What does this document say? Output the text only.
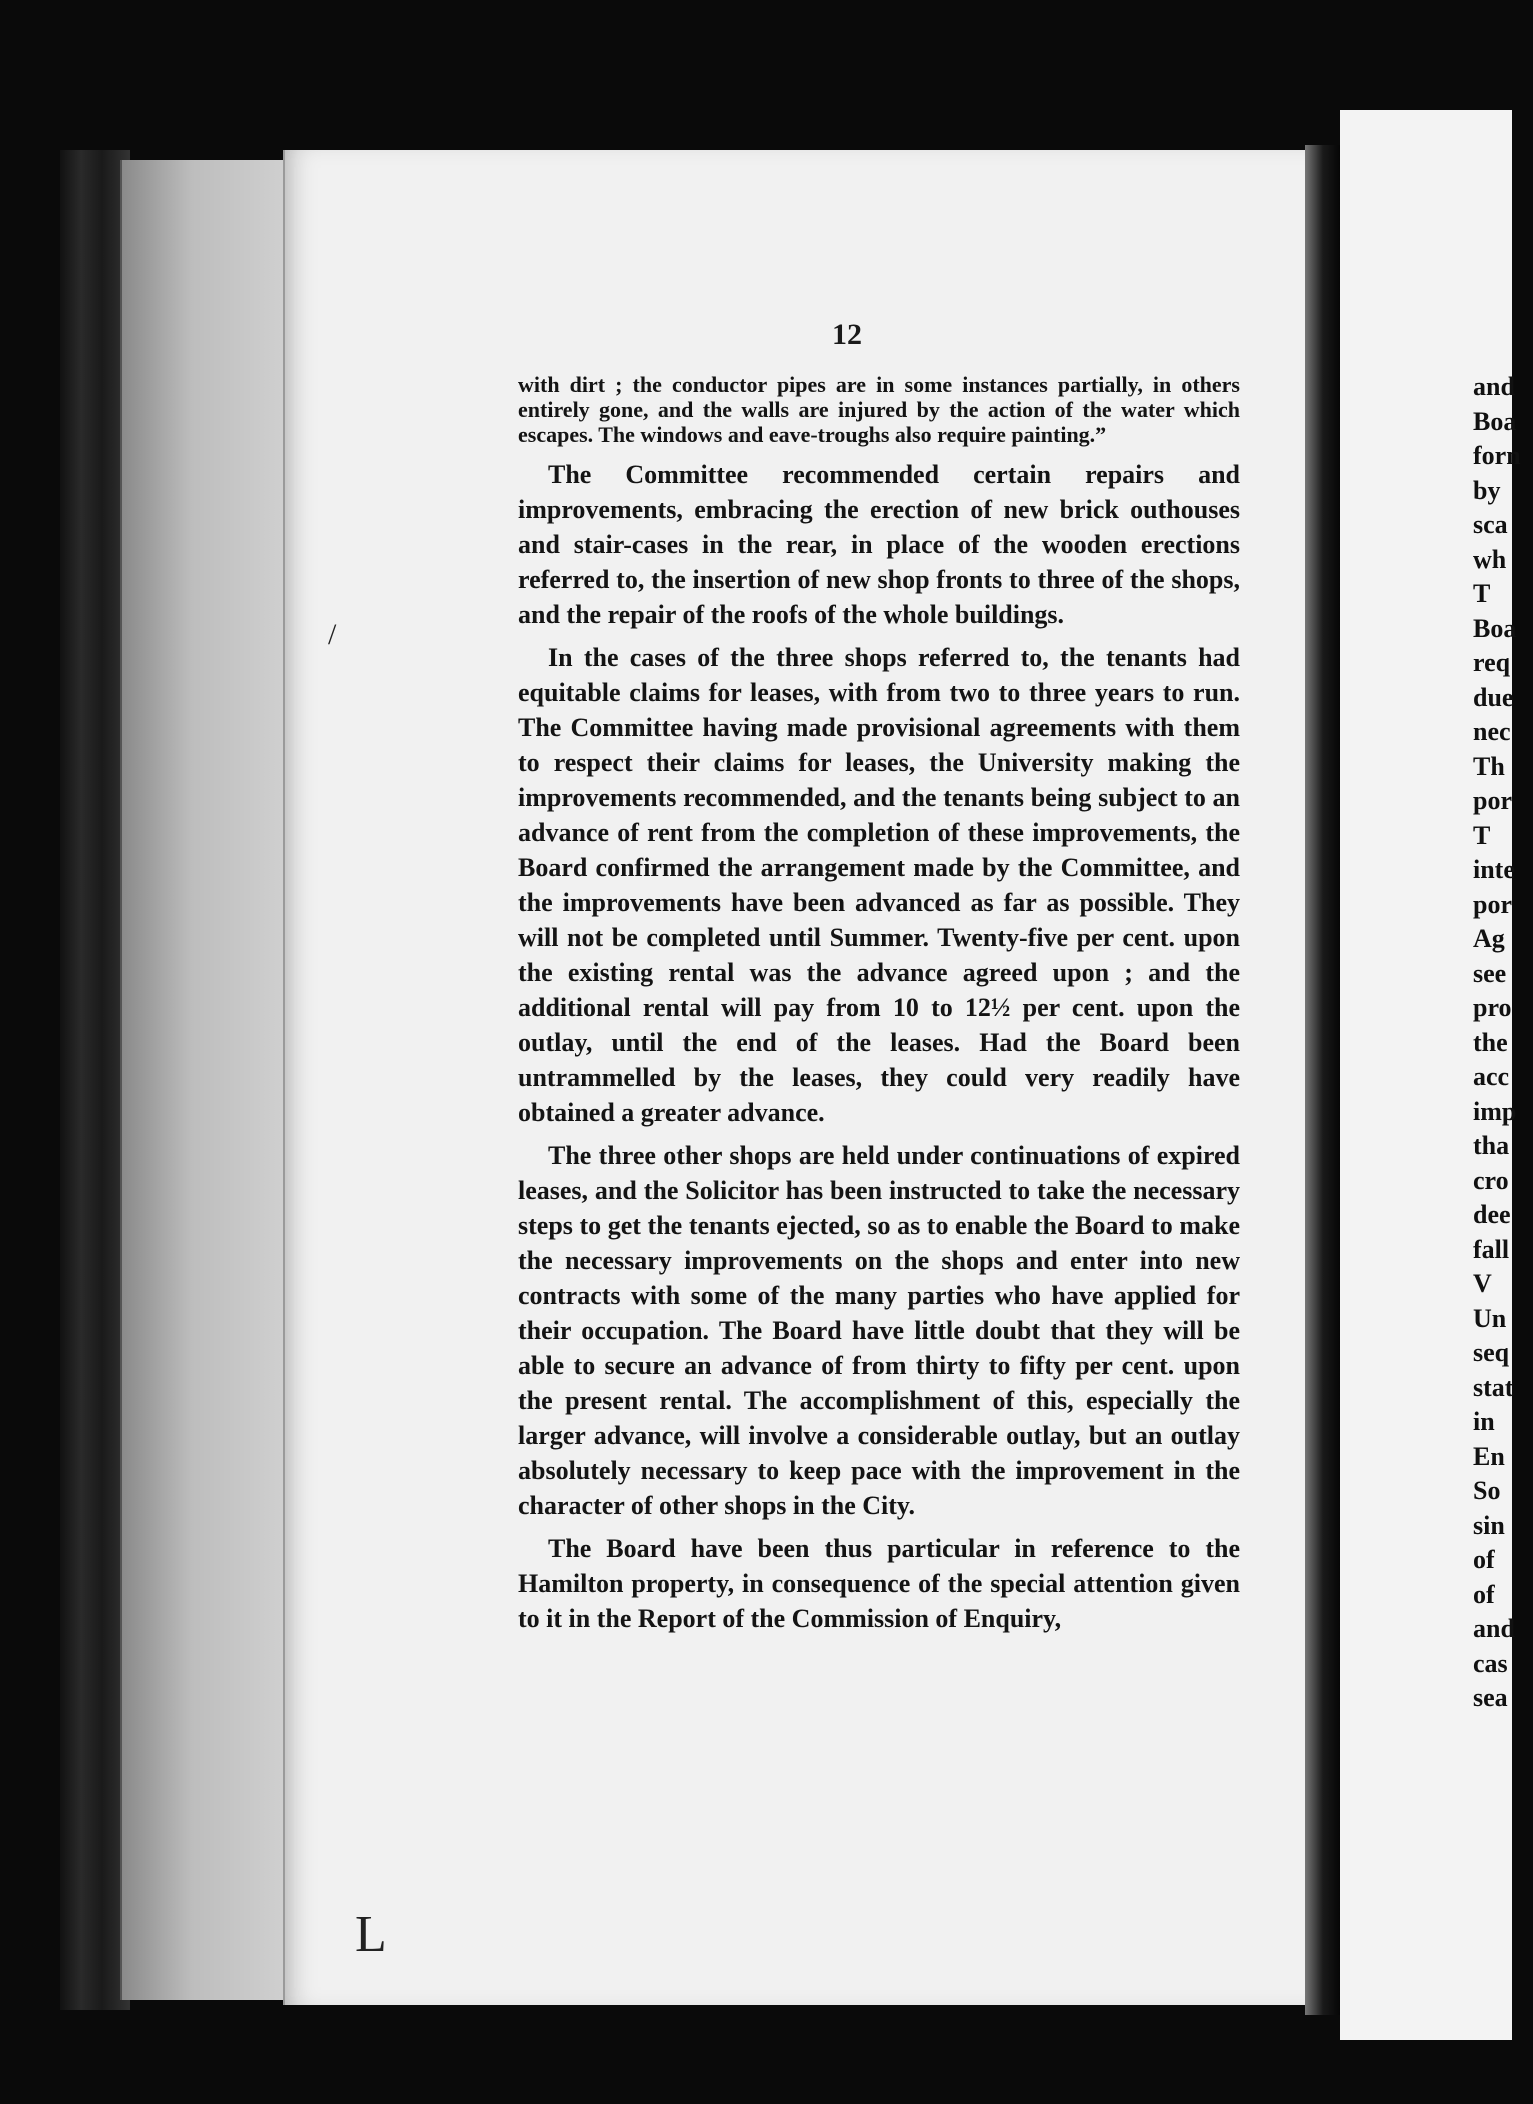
and
Boa
forn
by
sca
wh
T
Boa
req
due
nec
Th
por
T
inte
por
Ag
see
pro
the
acc
imp
tha
cro
dee
fall
V
Un
seq
stat
in
En
So
sin
of
of
and
cas
sea
12

with dirt ; the conductor pipes are in some instances partially, in others entirely gone, and the walls are injured by the action of the water which escapes. The windows and eave-troughs also require painting.”

The Committee recommended certain repairs and improvements, embracing the erection of new brick outhouses and stair-cases in the rear, in place of the wooden erections referred to, the insertion of new shop fronts to three of the shops, and the repair of the roofs of the whole buildings.

In the cases of the three shops referred to, the tenants had equitable claims for leases, with from two to three years to run. The Committee having made provisional agreements with them to respect their claims for leases, the University making the improvements recommended, and the tenants being subject to an advance of rent from the completion of these improvements, the Board confirmed the arrangement made by the Committee, and the improvements have been advanced as far as possible. They will not be completed until Summer. Twenty-five per cent. upon the existing rental was the advance agreed upon ; and the additional rental will pay from 10 to 12½ per cent. upon the outlay, until the end of the leases. Had the Board been untrammelled by the leases, they could very readily have obtained a greater advance.

The three other shops are held under continuations of expired leases, and the Solicitor has been instructed to take the necessary steps to get the tenants ejected, so as to enable the Board to make the necessary improvements on the shops and enter into new contracts with some of the many parties who have applied for their occupation. The Board have little doubt that they will be able to secure an advance of from thirty to fifty per cent. upon the present rental. The accomplishment of this, especially the larger advance, will involve a considerable outlay, but an outlay absolutely necessary to keep pace with the improvement in the character of other shops in the City.

The Board have been thus particular in reference to the Hamilton property, in consequence of the special attention given to it in the Report of the Commission of Enquiry,

/
L
